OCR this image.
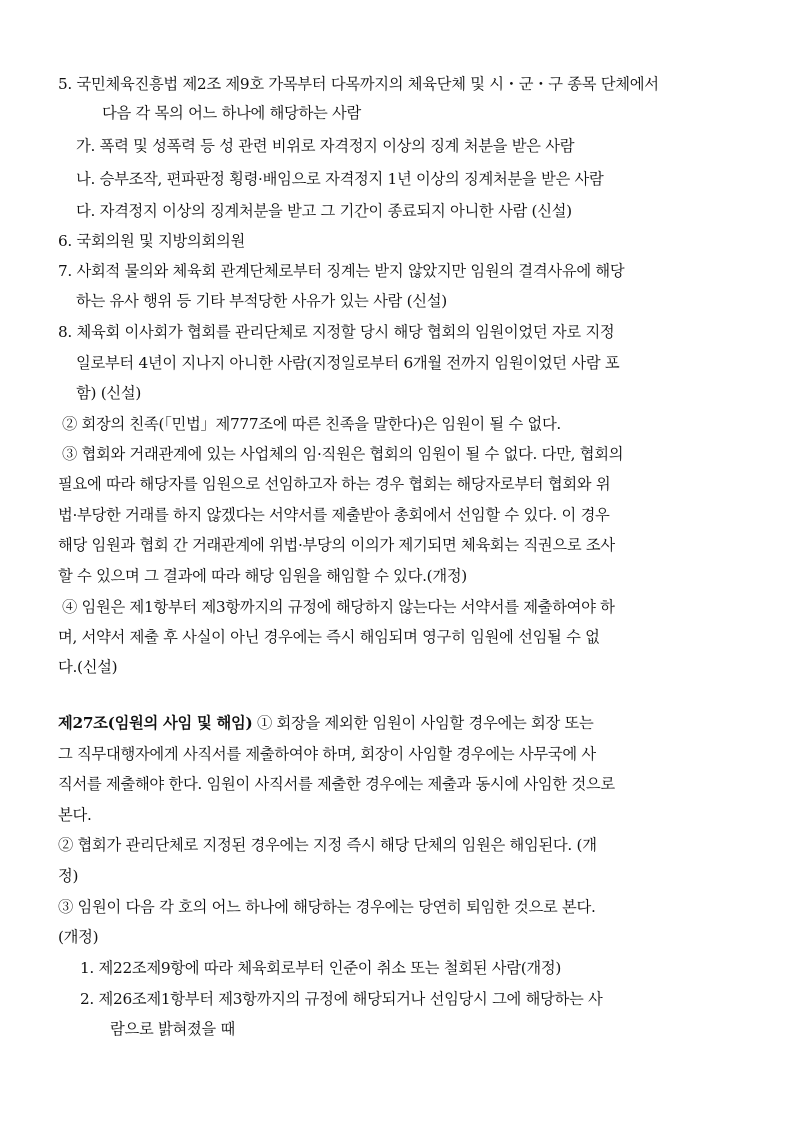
5. 국민체육진흥법 제2조 제9호 가목부터 다목까지의 체육단체 및 시・군・구 종목 단체에서
다음 각 목의 어느 하나에 해당하는 사람
가. 폭력 및 성폭력 등 성 관련 비위로 자격정지 이상의 징계 처분을 받은 사람
나. 승부조작, 편파판정 횡령·배임으로 자격정지 1년 이상의 징계처분을 받은 사람
다. 자격정지 이상의 징계처분을 받고 그 기간이 종료되지 아니한 사람 (신설)
6. 국회의원 및 지방의회의원
7. 사회적 물의와 체육회 관계단체로부터 징계는 받지 않았지만 임원의 결격사유에 해당
하는 유사 행위 등 기타 부적당한 사유가 있는 사람 (신설)
8. 체육회 이사회가 협회를 관리단체로 지정할 당시 해당 협회의 임원이었던 자로 지정
일로부터 4년이 지나지 아니한 사람(지정일로부터 6개월 전까지 임원이었던 사람 포
함) (신설)
② 회장의 친족(「민법」제777조에 따른 친족을 말한다)은 임원이 될 수 없다.
③ 협회와 거래관계에 있는 사업체의 임·직원은 협회의 임원이 될 수 없다. 다만, 협회의
필요에 따라 해당자를 임원으로 선임하고자 하는 경우 협회는 해당자로부터 협회와 위
법·부당한 거래를 하지 않겠다는 서약서를 제출받아 총회에서 선임할 수 있다. 이 경우
해당 임원과 협회 간 거래관계에 위법·부당의 이의가 제기되면 체육회는 직권으로 조사
할 수 있으며 그 결과에 따라 해당 임원을 해임할 수 있다.(개정)
④ 임원은 제1항부터 제3항까지의 규정에 해당하지 않는다는 서약서를 제출하여야 하
며, 서약서 제출 후 사실이 아닌 경우에는 즉시 해임되며 영구히 임원에 선임될 수 없
다.(신설)
제27조(임원의 사임 및 해임) ① 회장을 제외한 임원이 사임할 경우에는 회장 또는
그 직무대행자에게 사직서를 제출하여야 하며, 회장이 사임할 경우에는 사무국에 사
직서를 제출해야 한다. 임원이 사직서를 제출한 경우에는 제출과 동시에 사임한 것으로
본다.
② 협회가 관리단체로 지정된 경우에는 지정 즉시 해당 단체의 임원은 해임된다. (개
정)
③ 임원이 다음 각 호의 어느 하나에 해당하는 경우에는 당연히 퇴임한 것으로 본다.
(개정)
1. 제22조제9항에 따라 체육회로부터 인준이 취소 또는 철회된 사람(개정)
2. 제26조제1항부터 제3항까지의 규정에 해당되거나 선임당시 그에 해당하는 사
람으로 밝혀졌을 때
